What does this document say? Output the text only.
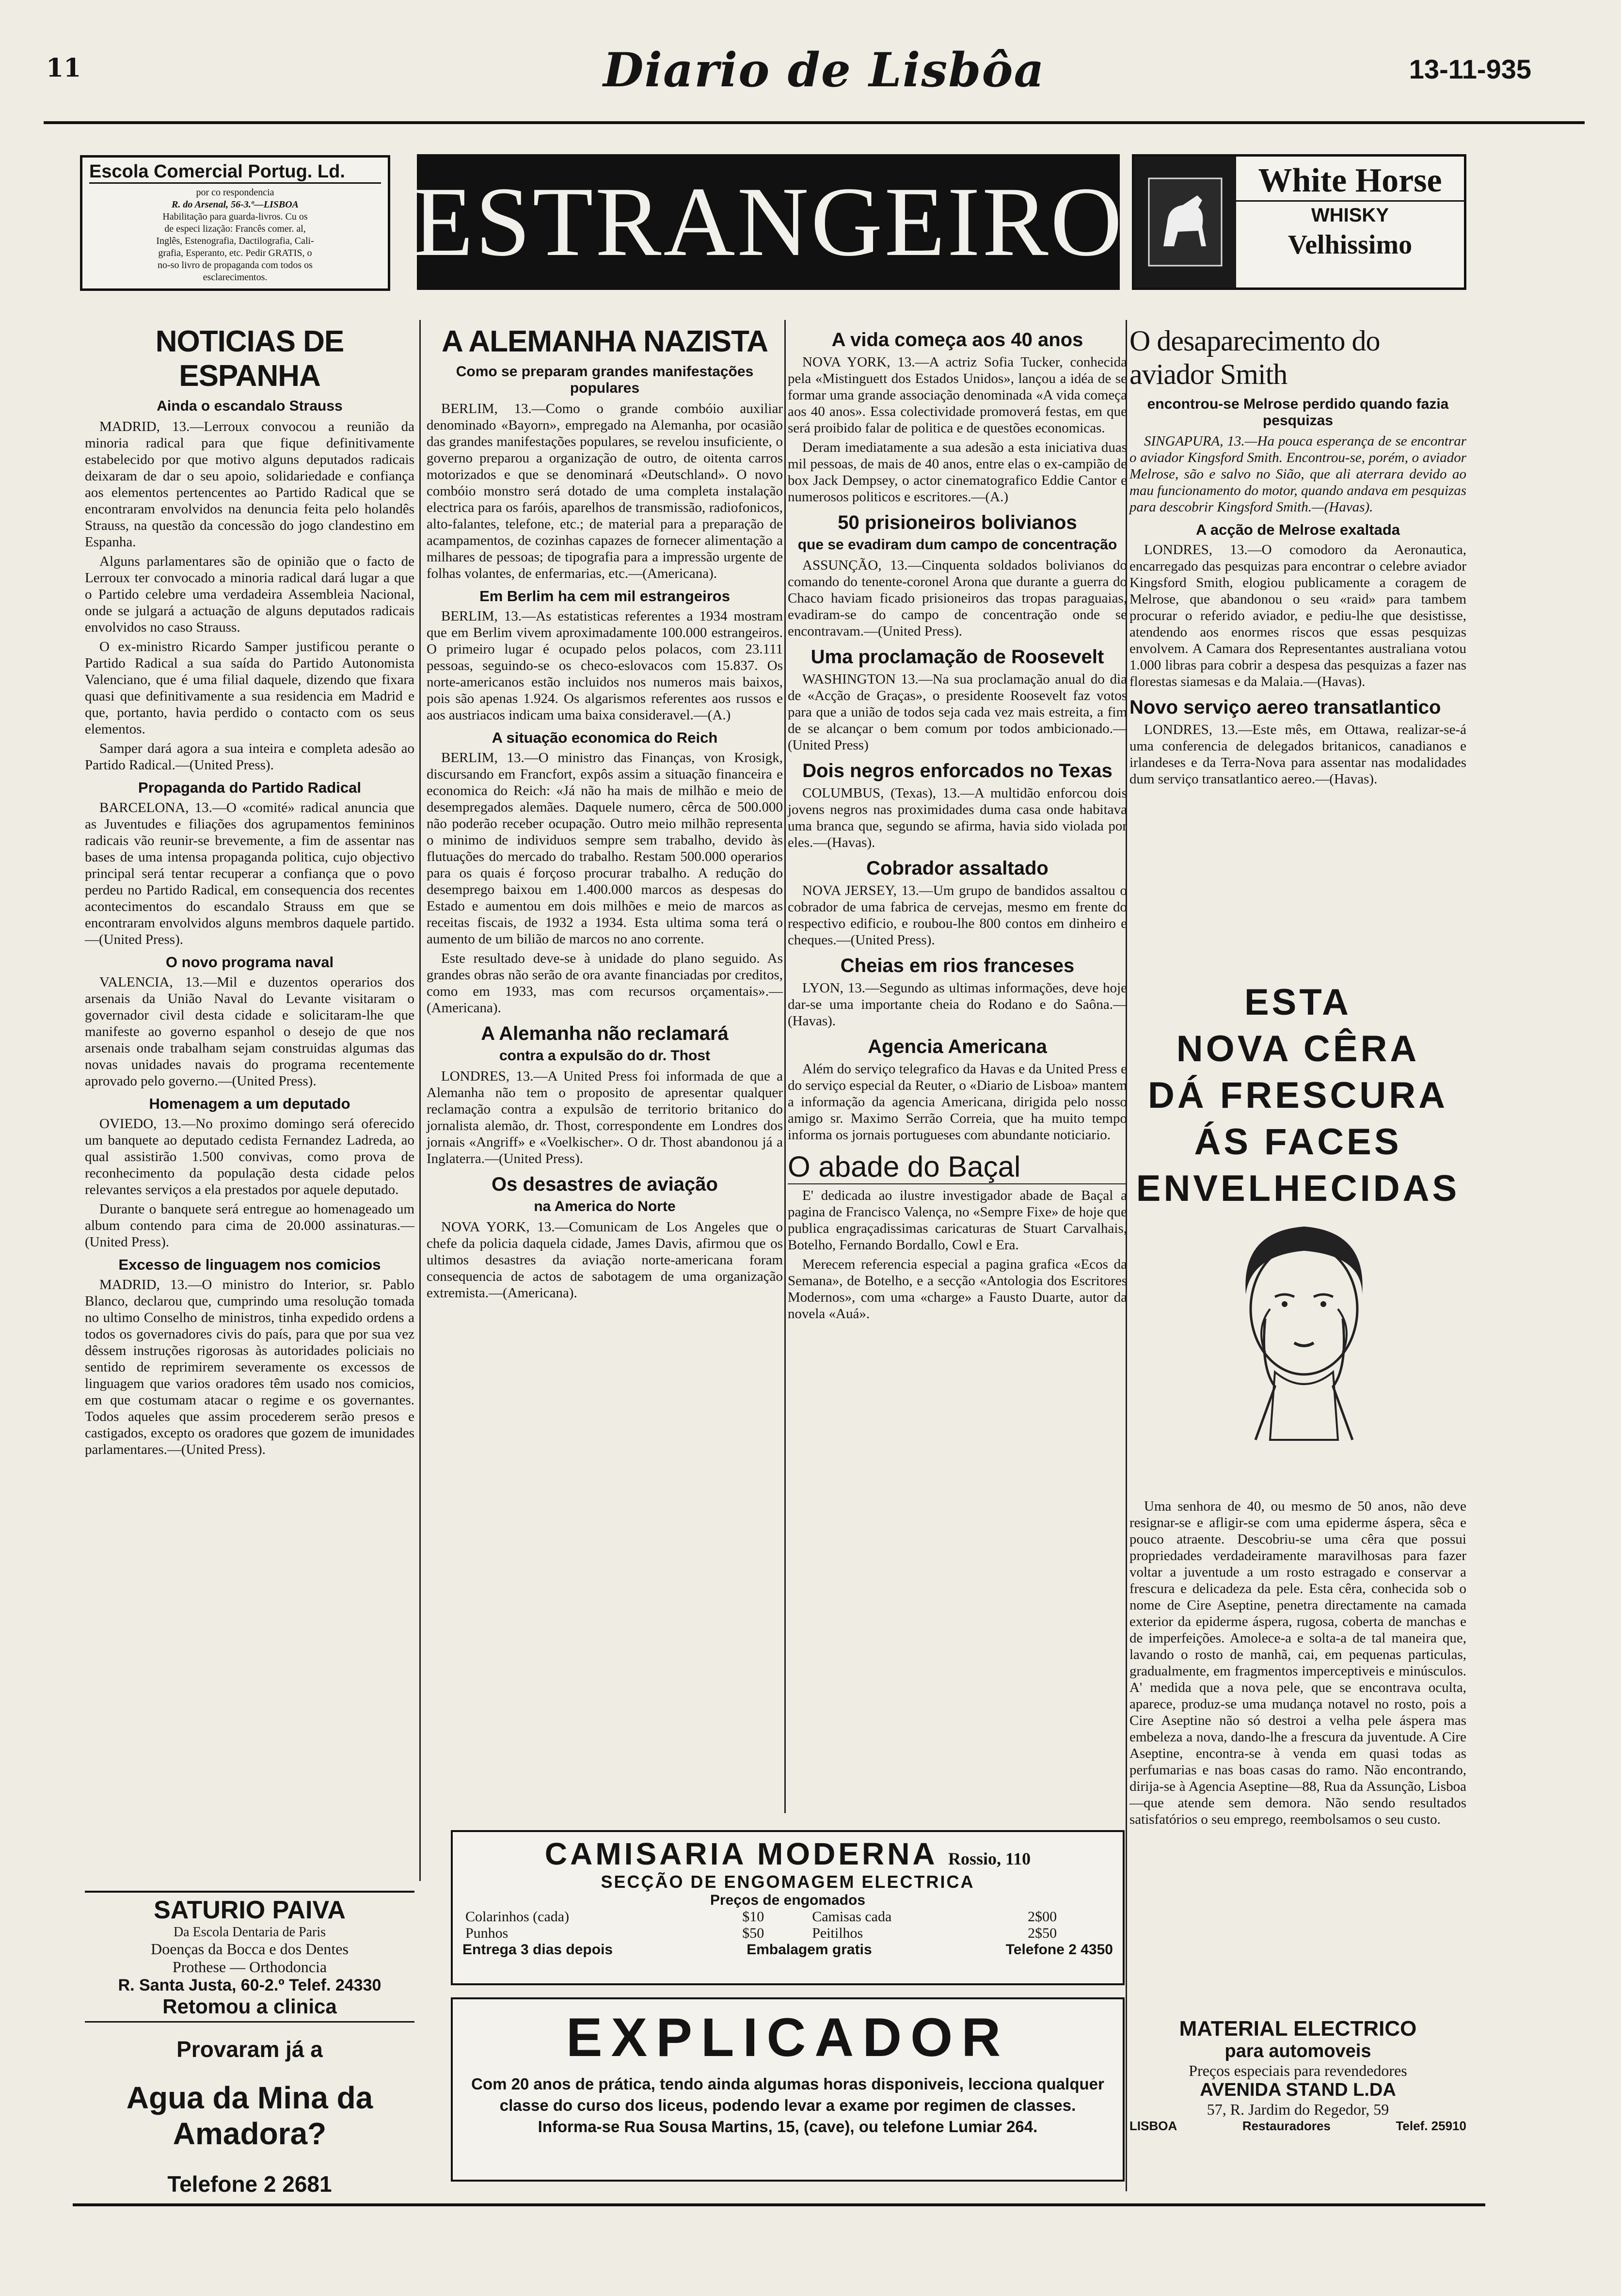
11	Diario de Lisbôa	13-11-935
Escola Comercial Portug. Ld.

por co respondencia

R. do Arsenal, 56-3.º—LISBOA

Habilitação para guarda-livros. Cu os

de especi lização: Francês comer. al,

Inglês, Estenografia, Dactilografia, Cali-

grafia, Esperanto, etc. Pedir GRATIS, o

no-so livro de propaganda com todos os

esclarecimentos.

ESTRANGEIRO	White Horse
WHISKY
Velhissimo
NOTICIAS DE ESPANHA
Ainda o escandalo Strauss

MADRID, 13.—Lerroux convocou a reunião da minoria radical para que fique definitivamente estabelecido por que motivo alguns deputados radicais deixaram de dar o seu apoio, solidariedade e confiança aos elementos pertencentes ao Partido Radical que se encontraram envolvidos na denuncia feita pelo holandês Strauss, na questão da concessão do jogo clandestino em Espanha.

Alguns parlamentares são de opinião que o facto de Lerroux ter convocado a minoria radical dará lugar a que o Partido celebre uma verdadeira Assembleia Nacional, onde se julgará a actuação de alguns deputados radicais envolvidos no caso Strauss.

O ex-ministro Ricardo Samper justificou perante o Partido Radical a sua saída do Partido Autonomista Valenciano, que é uma filial daquele, dizendo que fixara quasi que definitivamente a sua residencia em Madrid e que, portanto, havia perdido o contacto com os seus elementos.

Samper dará agora a sua inteira e completa adesão ao Partido Radical.—(United Press).

Propaganda do Partido Radical

BARCELONA, 13.—O «comité» radical anuncia que as Juventudes e filiações dos agrupamentos femininos radicais vão reunir-se brevemente, a fim de assentar nas bases de uma intensa propaganda politica, cujo objectivo principal será tentar recuperar a confiança que o povo perdeu no Partido Radical, em consequencia dos recentes acontecimentos do escandalo Strauss em que se encontraram envolvidos alguns membros daquele partido.—(United Press).

O novo programa naval

VALENCIA, 13.—Mil e duzentos operarios dos arsenais da União Naval do Levante visitaram o governador civil desta cidade e solicitaram-lhe que manifeste ao governo espanhol o desejo de que nos arsenais onde trabalham sejam construidas algumas das novas unidades navais do programa recentemente aprovado pelo governo.—(United Press).

Homenagem a um deputado

OVIEDO, 13.—No proximo domingo será oferecido um banquete ao deputado cedista Fernandez Ladreda, ao qual assistirão 1.500 convivas, como prova de reconhecimento da população desta cidade pelos relevantes serviços a ela prestados por aquele deputado.

Durante o banquete será entregue ao homenageado um album contendo para cima de 20.000 assinaturas.—(United Press).

Excesso de linguagem nos comicios

MADRID, 13.—O ministro do Interior, sr. Pablo Blanco, declarou que, cumprindo uma resolução tomada no ultimo Conselho de ministros, tinha expedido ordens a todos os governadores civis do país, para que por sua vez dêssem instruções rigorosas às autoridades policiais no sentido de reprimirem severamente os excessos de linguagem que varios oradores têm usado nos comicios, em que costumam atacar o regime e os governantes. Todos aqueles que assim procederem serão presos e castigados, excepto os oradores que gozem de imunidades parlamentares.—(United Press).

A ALEMANHA NAZISTA
Como se preparam grandes manifestações populares

BERLIM, 13.—Como o grande combóio auxiliar denominado «Bayorn», empregado na Alemanha, por ocasião das grandes manifestações populares, se revelou insuficiente, o governo preparou a organização de outro, de oitenta carros motorizados e que se denominará «Deutschland». O novo combóio monstro será dotado de uma completa instalação electrica para os faróis, aparelhos de transmissão, radiofonicos, alto-falantes, telefone, etc.; de material para a preparação de acampamentos, de cozinhas capazes de fornecer alimentação a milhares de pessoas; de tipografia para a impressão urgente de folhas volantes, de enfermarias, etc.—(Americana).

Em Berlim ha cem mil estrangeiros

BERLIM, 13.—As estatisticas referentes a 1934 mostram que em Berlim vivem aproximadamente 100.000 estrangeiros. O primeiro lugar é ocupado pelos polacos, com 23.111 pessoas, seguindo-se os checo-eslovacos com 15.837. Os norte-americanos estão incluidos nos numeros mais baixos, pois são apenas 1.924. Os algarismos referentes aos russos e aos austriacos indicam uma baixa consideravel.—(A.)

A situação economica do Reich

BERLIM, 13.—O ministro das Finanças, von Krosigk, discursando em Francfort, expôs assim a situação financeira e economica do Reich: «Já não ha mais de milhão e meio de desempregados alemães. Daquele numero, cêrca de 500.000 não poderão receber ocupação. Outro meio milhão representa o minimo de individuos sempre sem trabalho, devido às flutuações do mercado do trabalho. Restam 500.000 operarios para os quais é forçoso procurar trabalho. A redução do desemprego baixou em 1.400.000 marcos as despesas do Estado e aumentou em dois milhões e meio de marcos as receitas fiscais, de 1932 a 1934. Esta ultima soma terá o aumento de um bilião de marcos no ano corrente.

Este resultado deve-se à unidade do plano seguido. As grandes obras não serão de ora avante financiadas por creditos, como em 1933, mas com recursos orçamentais».—(Americana).

A Alemanha não reclamará
contra a expulsão do dr. Thost

LONDRES, 13.—A United Press foi informada de que a Alemanha não tem o proposito de apresentar qualquer reclamação contra a expulsão de territorio britanico do jornalista alemão, dr. Thost, correspondente em Londres dos jornais «Angriff» e «Voelkischer». O dr. Thost abandonou já a Inglaterra.—(United Press).

Os desastres de aviação
na America do Norte

NOVA YORK, 13.—Comunicam de Los Angeles que o chefe da policia daquela cidade, James Davis, afirmou que os ultimos desastres da aviação norte-americana foram consequencia de actos de sabotagem de uma organização extremista.—(Americana).

A vida começa aos 40 anos

NOVA YORK, 13.—A actriz Sofia Tucker, conhecida pela «Mistinguett dos Estados Unidos», lançou a idéa de se formar uma grande associação denominada «A vida começa aos 40 anos». Essa colectividade promoverá festas, em que será proibido falar de politica e de questões economicas.

Deram imediatamente a sua adesão a esta iniciativa duas mil pessoas, de mais de 40 anos, entre elas o ex-campião de box Jack Dempsey, o actor cinematografico Eddie Cantor e numerosos politicos e escritores.—(A.)

50 prisioneiros bolivianos
que se evadiram dum campo de concentração

ASSUNÇÃO, 13.—Cinquenta soldados bolivianos do comando do tenente-coronel Arona que durante a guerra do Chaco haviam ficado prisioneiros das tropas paraguaias, evadiram-se do campo de concentração onde se encontravam.—(United Press).

Uma proclamação de Roosevelt

WASHINGTON 13.—Na sua proclamação anual do dia de «Acção de Graças», o presidente Roosevelt faz votos para que a união de todos seja cada vez mais estreita, a fim de se alcançar o bem comum por todos ambicionado.—(United Press)

Dois negros enforcados no Texas

COLUMBUS, (Texas), 13.—A multidão enforcou dois jovens negros nas proximidades duma casa onde habitava uma branca que, segundo se afirma, havia sido violada por eles.—(Havas).

Cobrador assaltado

NOVA JERSEY, 13.—Um grupo de bandidos assaltou o cobrador de uma fabrica de cervejas, mesmo em frente do respectivo edificio, e roubou-lhe 800 contos em dinheiro e cheques.—(United Press).

Cheias em rios franceses

LYON, 13.—Segundo as ultimas informações, deve hoje dar-se uma importante cheia do Rodano e do Saôna.—(Havas).

Agencia Americana

Além do serviço telegrafico da Havas e da United Press e do serviço especial da Reuter, o «Diario de Lisboa» mantem a informação da agencia Americana, dirigida pelo nosso amigo sr. Maximo Serrão Correia, que ha muito tempo informa os jornais portugueses com abundante noticiario.

O abade do Baçal

E' dedicada ao ilustre investigador abade de Baçal a pagina de Francisco Valença, no «Sempre Fixe» de hoje que publica engraçadissimas caricaturas de Stuart Carvalhais, Botelho, Fernando Bordallo, Cowl e Era.

Merecem referencia especial a pagina grafica «Ecos da Semana», de Botelho, e a secção «Antologia dos Escritores Modernos», com uma «charge» a Fausto Duarte, autor da novela «Auá».

O desaparecimento do aviador Smith
encontrou-se Melrose perdido quando fazia pesquizas

SINGAPURA, 13.—Ha pouca esperança de se encontrar o aviador Kingsford Smith. Encontrou-se, porém, o aviador Melrose, são e salvo no Sião, que ali aterrara devido ao mau funcionamento do motor, quando andava em pesquizas para descobrir Kingsford Smith.—(Havas).

A acção de Melrose exaltada

LONDRES, 13.—O comodoro da Aeronautica, encarregado das pesquizas para encontrar o celebre aviador Kingsford Smith, elogiou publicamente a coragem de Melrose, que abandonou o seu «raid» para tambem procurar o referido aviador, e pediu-lhe que desistisse, atendendo aos enormes riscos que essas pesquizas envolvem. A Camara dos Representantes australiana votou 1.000 libras para cobrir a despesa das pesquizas a fazer nas florestas siamesas e da Malaia.—(Havas).

Novo serviço aereo transatlantico

LONDRES, 13.—Este mês, em Ottawa, realizar-se-á uma conferencia de delegados britanicos, canadianos e irlandeses e da Terra-Nova para assentar nas modalidades dum serviço transatlantico aereo.—(Havas).

ESTA
NOVA CÊRA
DÁ FRESCURA
ÁS FACES
ENVELHECIDAS

Uma senhora de 40, ou mesmo de 50 anos, não deve resignar-se e afligir-se com uma epiderme áspera, sêca e pouco atraente. Descobriu-se uma cêra que possui propriedades verdadeiramente maravilhosas para fazer voltar a juventude a um rosto estragado e conservar a frescura e delicadeza da pele. Esta cêra, conhecida sob o nome de Cire Aseptine, penetra directamente na camada exterior da epiderme áspera, rugosa, coberta de manchas e de imperfeições. Amolece-a e solta-a de tal maneira que, lavando o rosto de manhã, cai, em pequenas particulas, gradualmente, em fragmentos imperceptiveis e minúsculos. A' medida que a nova pele, que se encontrava oculta, aparece, produz-se uma mudança notavel no rosto, pois a Cire Aseptine não só destroi a velha pele áspera mas embeleza a nova, dando-lhe a frescura da juventude. A Cire Aseptine, encontra-se à venda em quasi todas as perfumarias e nas boas casas do ramo. Não encontrando, dirija-se à Agencia Aseptine—88, Rua da Assunção, Lisboa—que atende sem demora. Não sendo resultados satisfatórios o seu emprego, reembolsamos o seu custo.

MATERIAL ELECTRICO
para automoveis
Preços especiais para revendedores
AVENIDA STAND L.DA
57, R. Jardim do Regedor, 59
LISBOA	Restauradores	Telef. 25910
SATURIO PAIVA
Da Escola Dentaria de Paris
Doenças da Bocca e dos Dentes
Prothese — Orthodoncia
R. Santa Justa, 60-2.º Telef. 24330
Retomou a clinica
Provaram já a
Agua da Mina da Amadora?
Telefone 2 2681
CAMISARIA MODERNA Rossio, 110
SECÇÃO DE ENGOMAGEM ELECTRICA
Preços de engomados
Colarinhos (cada)	$10	Camisas cada	2$00
Punhos	$50	Peitilhos	2$50
Entrega 3 dias depois	Embalagem gratis	Telefone 2 4350
EXPLICADOR
Com 20 anos de prática, tendo ainda algumas horas disponiveis, lecciona qualquer classe do curso dos liceus, podendo levar a exame por regimen de classes. Informa-se Rua Sousa Martins, 15, (cave), ou telefone Lumiar 264.
